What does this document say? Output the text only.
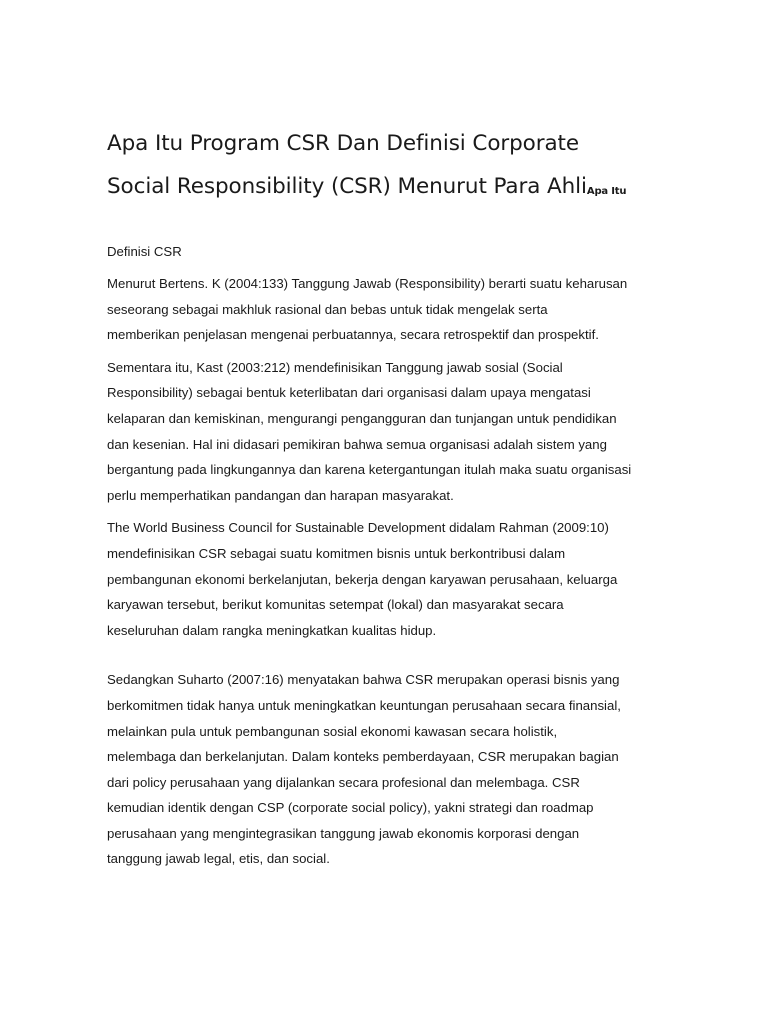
Apa Itu Program CSR Dan Definisi Corporate
Social Responsibility (CSR) Menurut Para AhliApa Itu

Definisi CSR

Menurut Bertens. K (2004:133) Tanggung Jawab (Responsibility) berarti suatu keharusan
seseorang sebagai makhluk rasional dan bebas untuk tidak mengelak serta
memberikan penjelasan mengenai perbuatannya, secara retrospektif dan prospektif.

Sementara itu, Kast (2003:212) mendefinisikan Tanggung jawab sosial (Social
Responsibility) sebagai bentuk keterlibatan dari organisasi dalam upaya mengatasi
kelaparan dan kemiskinan, mengurangi pengangguran dan tunjangan untuk pendidikan
dan kesenian. Hal ini didasari pemikiran bahwa semua organisasi adalah sistem yang
bergantung pada lingkungannya dan karena ketergantungan itulah maka suatu organisasi
perlu memperhatikan pandangan dan harapan masyarakat.

The World Business Council for Sustainable Development didalam Rahman (2009:10)
mendefinisikan CSR sebagai suatu komitmen bisnis untuk berkontribusi dalam
pembangunan ekonomi berkelanjutan, bekerja dengan karyawan perusahaan, keluarga
karyawan tersebut, berikut komunitas setempat (lokal) dan masyarakat secara
keseluruhan dalam rangka meningkatkan kualitas hidup.

Sedangkan Suharto (2007:16) menyatakan bahwa CSR merupakan operasi bisnis yang
berkomitmen tidak hanya untuk meningkatkan keuntungan perusahaan secara finansial,
melainkan pula untuk pembangunan sosial ekonomi kawasan secara holistik,
melembaga dan berkelanjutan. Dalam konteks pemberdayaan, CSR merupakan bagian
dari policy perusahaan yang dijalankan secara profesional dan melembaga. CSR
kemudian identik dengan CSP (corporate social policy), yakni strategi dan roadmap
perusahaan yang mengintegrasikan tanggung jawab ekonomis korporasi dengan
tanggung jawab legal, etis, dan social.
